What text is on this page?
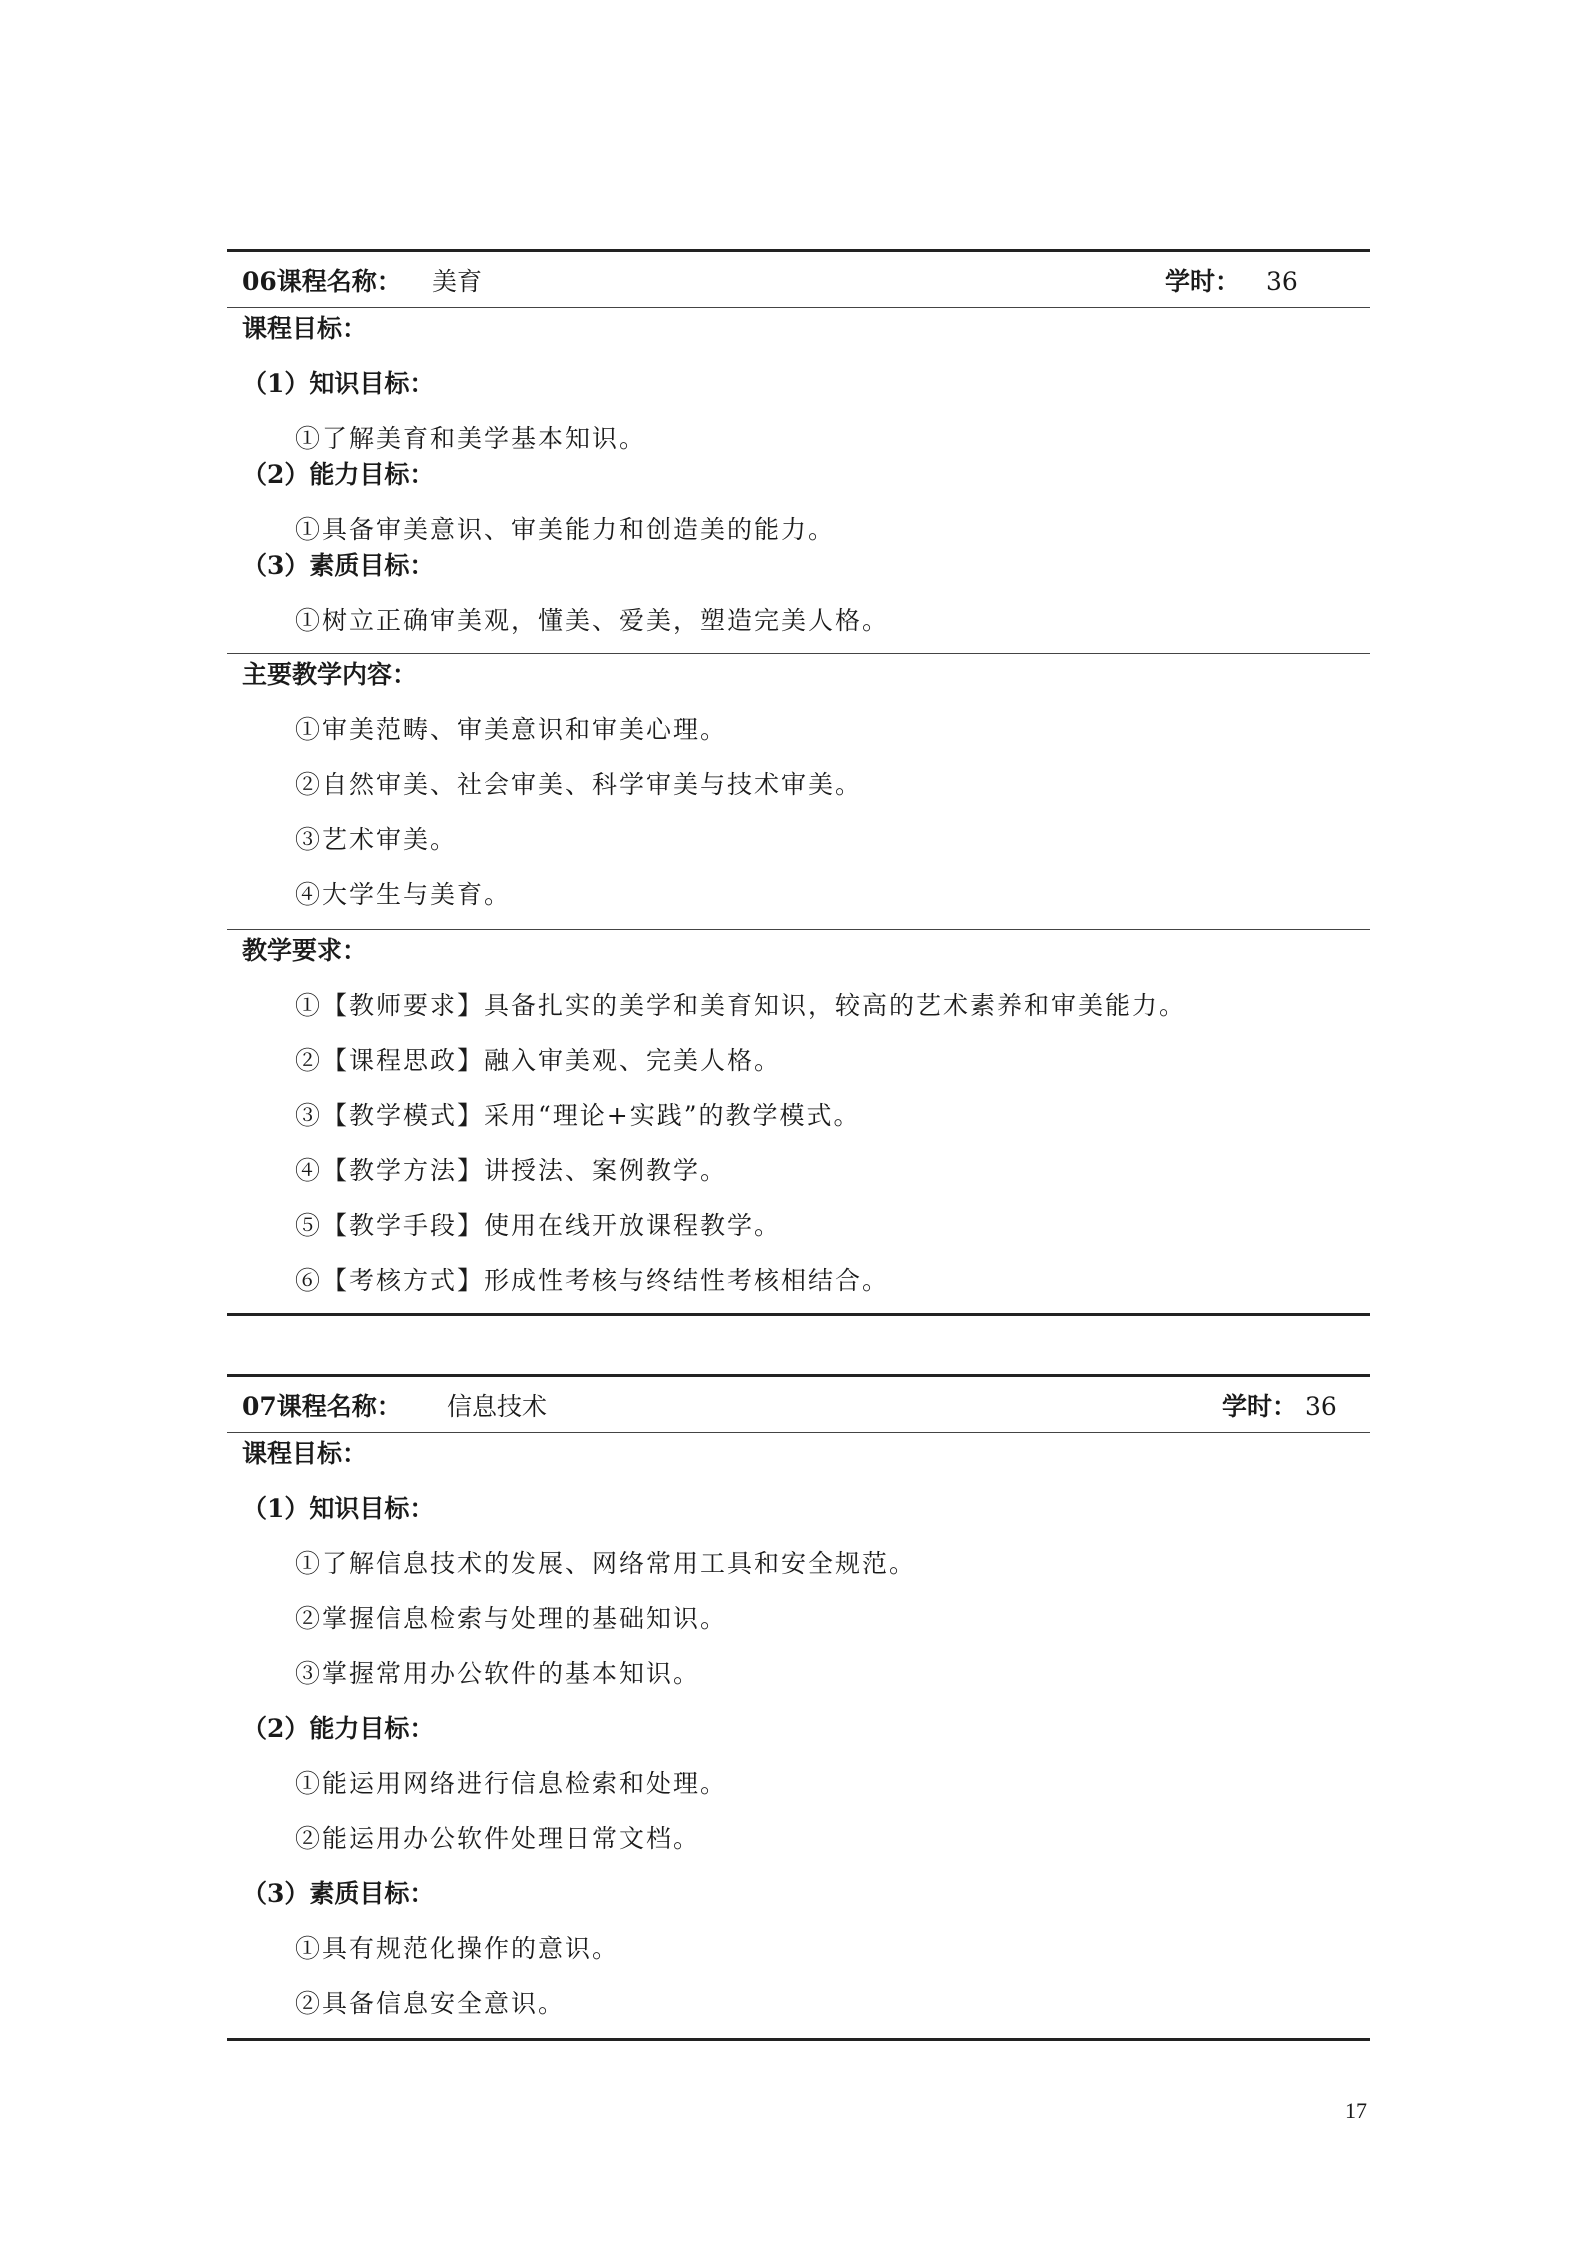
06课程名称： 美育	学时： 36
课程目标：
（1）知识目标：
①了解美育和美学基本知识。
（2）能力目标：
①具备审美意识、审美能力和创造美的能力。
（3）素质目标：
①树立正确审美观，懂美、爱美，塑造完美人格。
主要教学内容：
①审美范畴、审美意识和审美心理。
②自然审美、社会审美、科学审美与技术审美。
③艺术审美。
④大学生与美育。
教学要求：
①【教师要求】具备扎实的美学和美育知识，较高的艺术素养和审美能力。
②【课程思政】融入审美观、完美人格。
③【教学模式】采用“理论+实践”的教学模式。
④【教学方法】讲授法、案例教学。
⑤【教学手段】使用在线开放课程教学。
⑥【考核方式】形成性考核与终结性考核相结合。
07课程名称： 信息技术	学时： 36
课程目标：
（1）知识目标：
①了解信息技术的发展、网络常用工具和安全规范。
②掌握信息检索与处理的基础知识。
③掌握常用办公软件的基本知识。
（2）能力目标：
①能运用网络进行信息检索和处理。
②能运用办公软件处理日常文档。
（3）素质目标：
①具有规范化操作的意识。
②具备信息安全意识。
17
